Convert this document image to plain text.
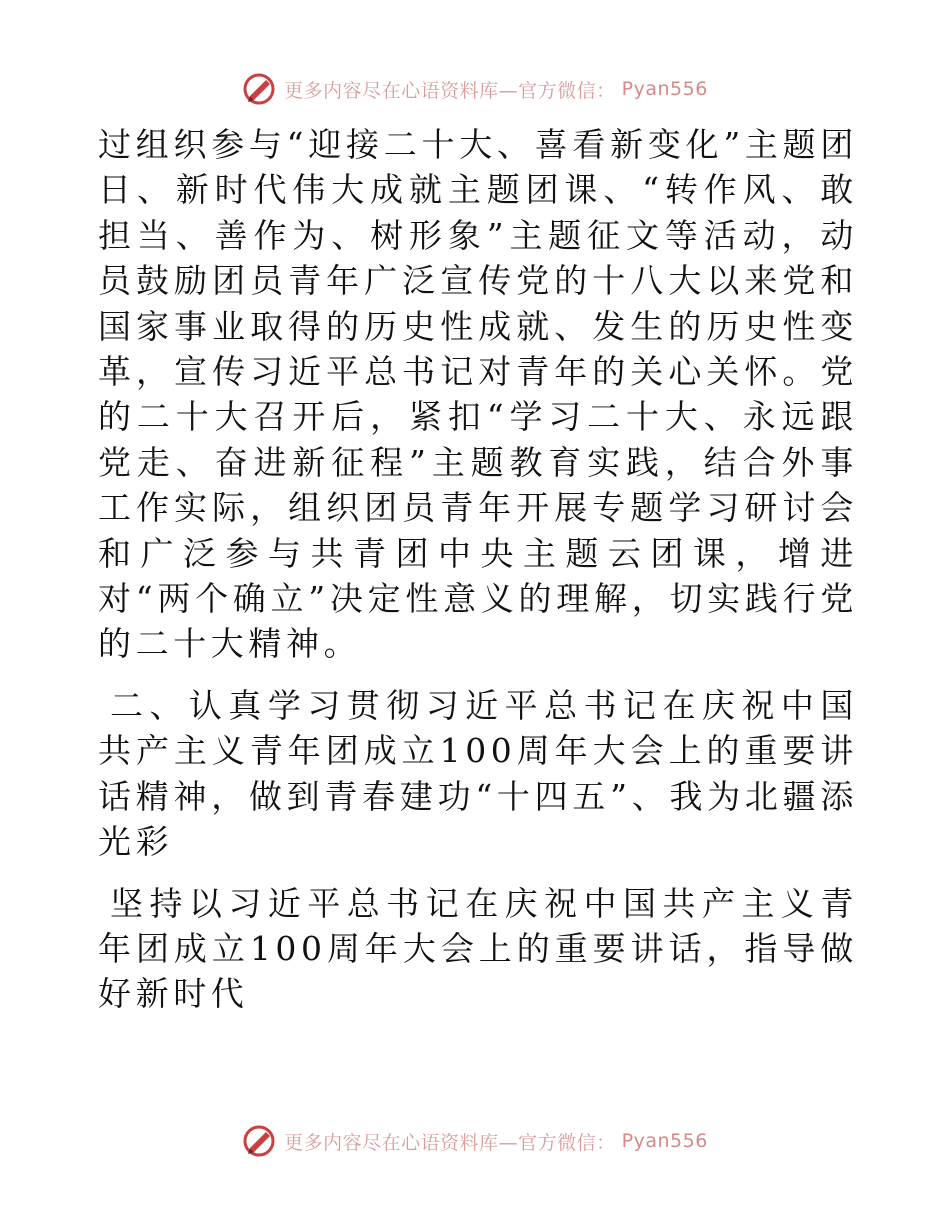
更多内容尽在心语资料库—官方微信： Pyan556

过组织参与“迎接二十大、喜看新变化”主题团日、新时代伟大成就主题团课、“转作风、敢担当、善作为、树形象”主题征文等活动，动员鼓励团员青年广泛宣传党的十八大以来党和国家事业取得的历史性成就、发生的历史性变革，宣传习近平总书记对青年的关心关怀。党的二十大召开后，紧扣“学习二十大、永远跟党走、奋进新征程”主题教育实践，结合外事工作实际，组织团员青年开展专题学习研讨会和广泛参与共青团中央主题云团课，增进对“两个确立”决定性意义的理解，切实践行党的二十大精神。

二、认真学习贯彻习近平总书记在庆祝中国共产主义青年团成立100周年大会上的重要讲话精神，做到青春建功“十四五”、我为北疆添光彩

坚持以习近平总书记在庆祝中国共产主义青年团成立100周年大会上的重要讲话，指导做好新时代

更多内容尽在心语资料库—官方微信： Pyan556
